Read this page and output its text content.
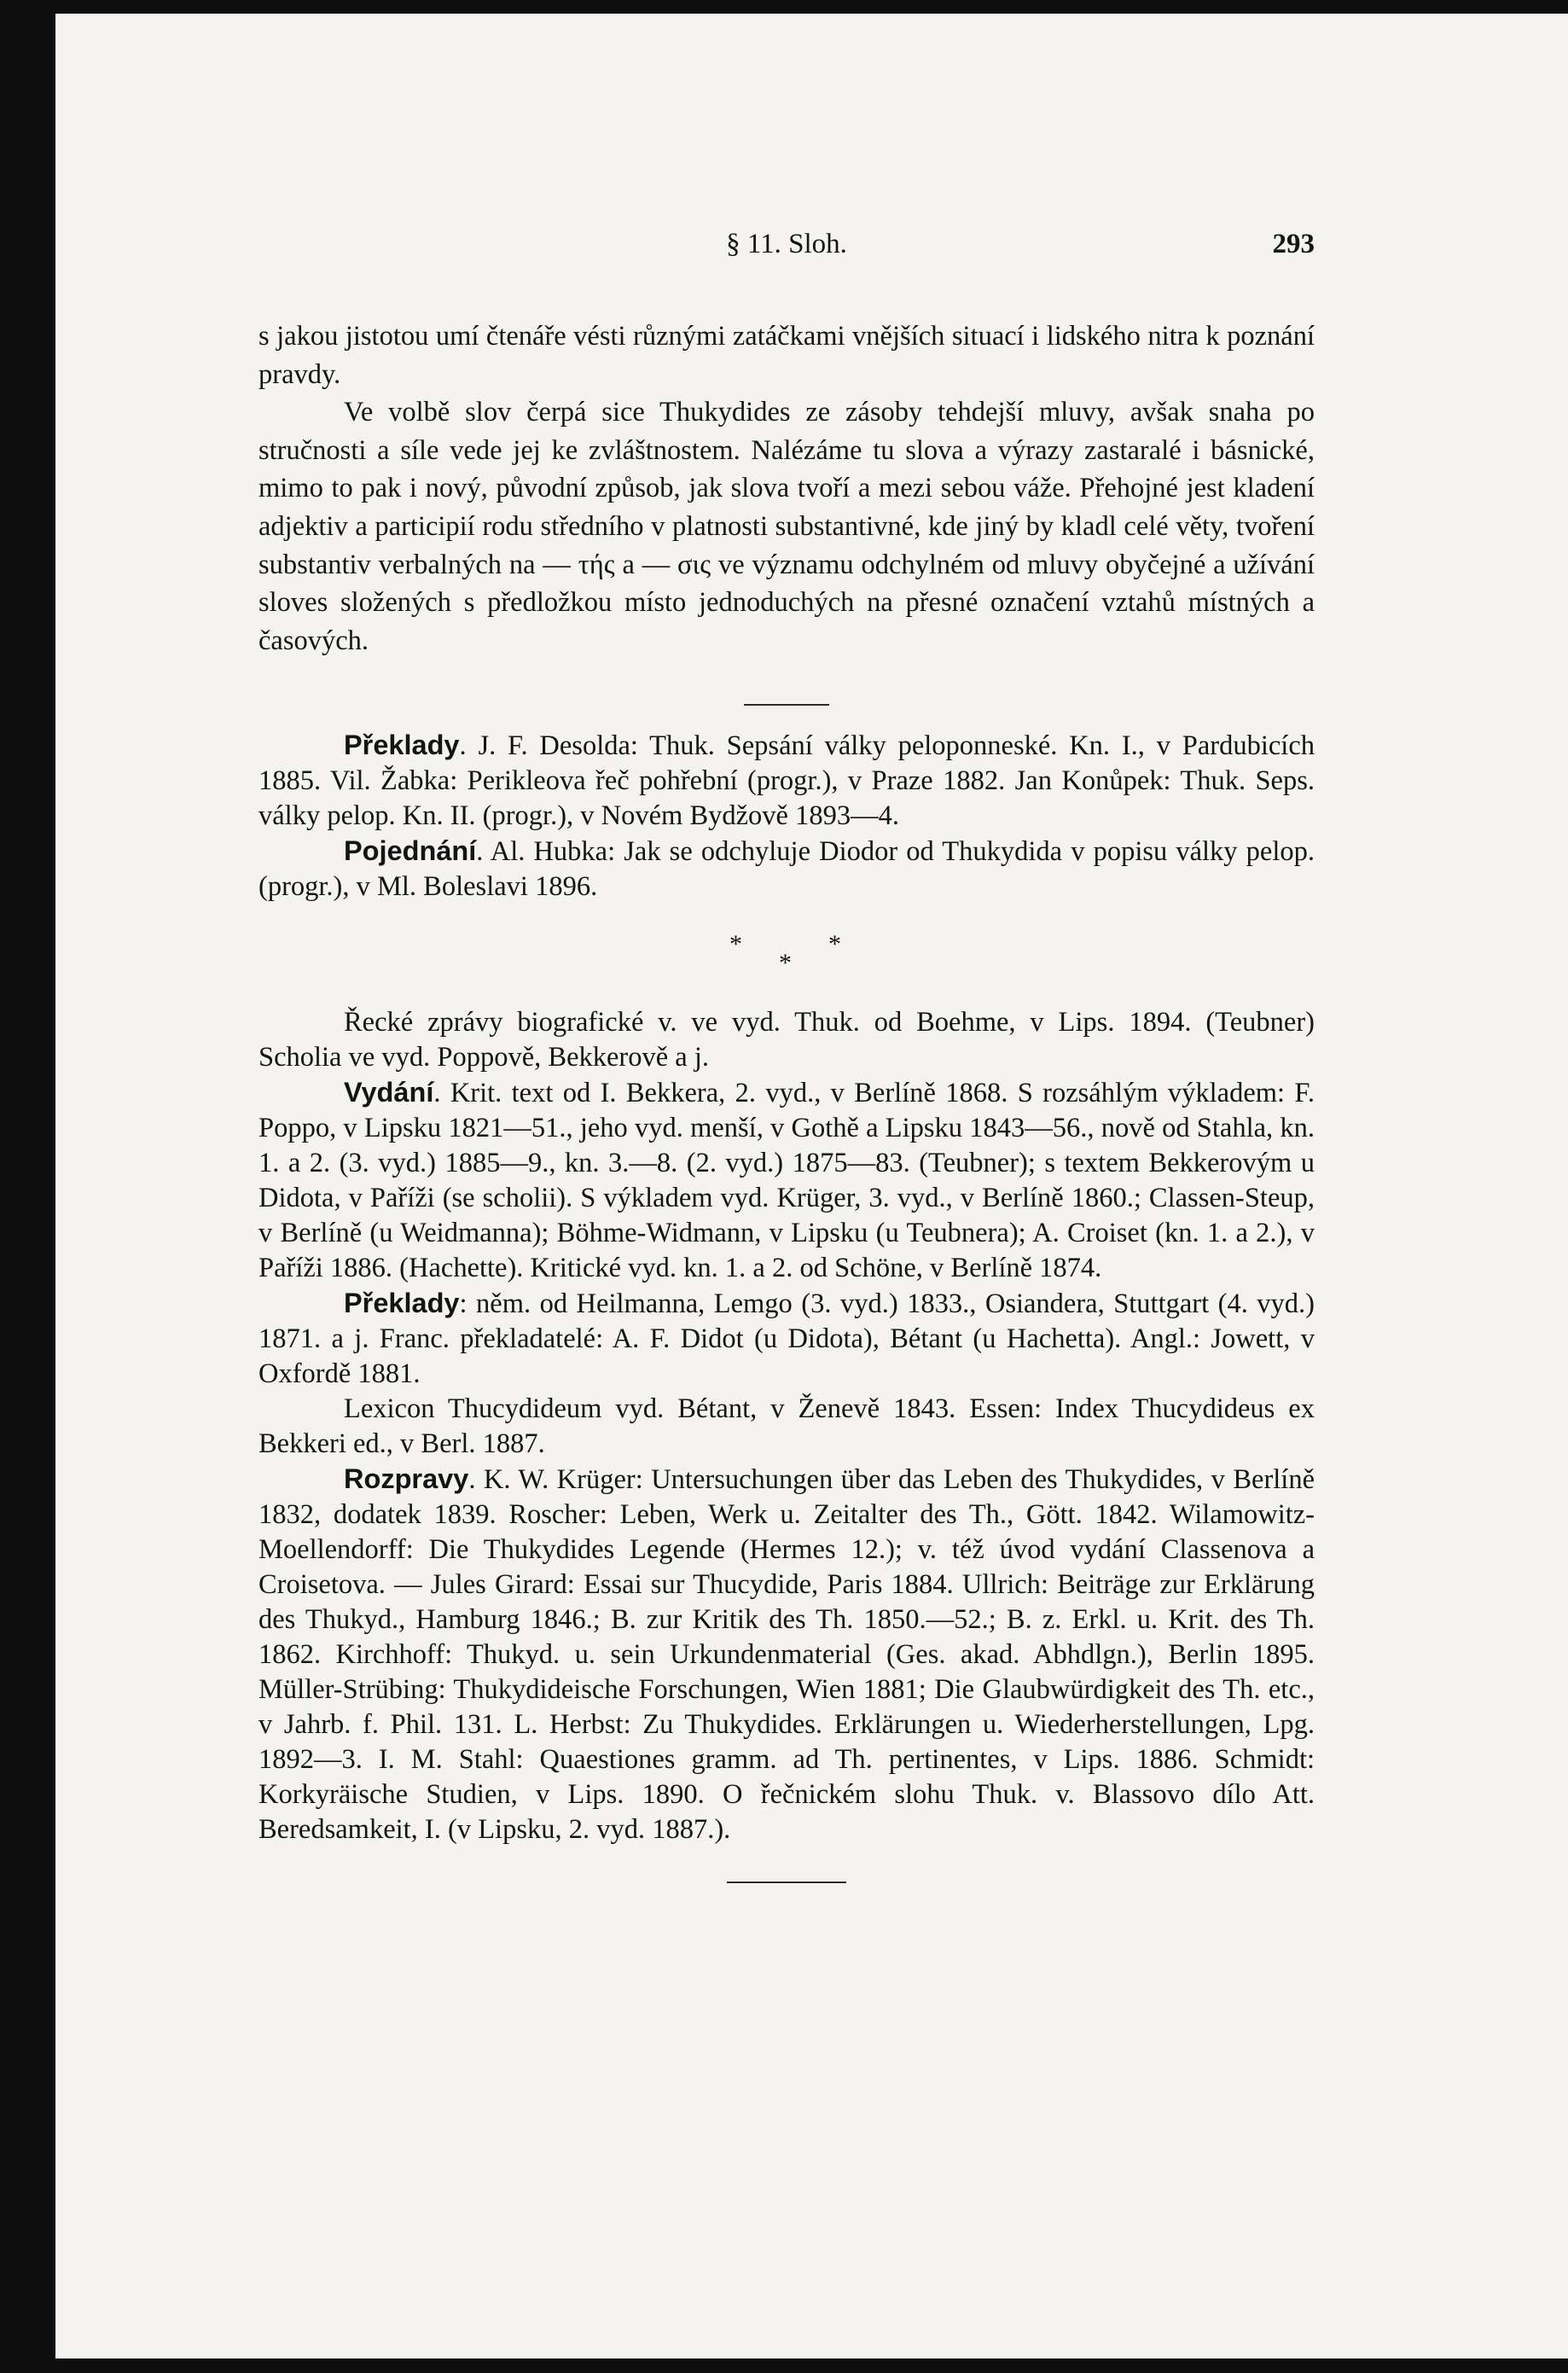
§ 11. Sloh.	293

s jakou jistotou umí čtenáře vésti různými zatáčkami vnějších situací i lidského nitra k poznání pravdy.

Ve volbě slov čerpá sice Thukydides ze zásoby tehdejší mluvy, avšak snaha po stručnosti a síle vede jej ke zvláštnostem. Nalézáme tu slova a výrazy zastaralé i básnické, mimo to pak i nový, původní způsob, jak slova tvoří a mezi sebou váže. Přehojné jest kladení adjektiv a participií rodu středního v platnosti substantivné, kde jiný by kladl celé věty, tvoření substantiv verbalných na — τής a — σις ve významu odchylném od mluvy obyčejné a užívání sloves složených s předložkou místo jednoduchých na přesné označení vztahů místných a časových.

Překlady. J. F. Desolda: Thuk. Sepsání války peloponneské. Kn. I., v Pardubicích 1885. Vil. Žabka: Perikleova řeč pohřební (progr.), v Praze 1882. Jan Konůpek: Thuk. Seps. války pelop. Kn. II. (progr.), v Novém Bydžově 1893—4.

Pojednání. Al. Hubka: Jak se odchyluje Diodor od Thukydida v popisu války pelop. (progr.), v Ml. Boleslavi 1896.

*
*
*

Řecké zprávy biografické v. ve vyd. Thuk. od Boehme, v Lips. 1894. (Teubner) Scholia ve vyd. Poppově, Bekkerově a j.

Vydání. Krit. text od I. Bekkera, 2. vyd., v Berlíně 1868. S rozsáhlým výkladem: F. Poppo, v Lipsku 1821—51., jeho vyd. menší, v Gothě a Lipsku 1843—56., nově od Stahla, kn. 1. a 2. (3. vyd.) 1885—9., kn. 3.—8. (2. vyd.) 1875—83. (Teubner); s textem Bekkerovým u Didota, v Paříži (se scholii). S výkladem vyd. Krüger, 3. vyd., v Berlíně 1860.; Classen-Steup, v Berlíně (u Weidmanna); Böhme-Widmann, v Lipsku (u Teubnera); A. Croiset (kn. 1. a 2.), v Paříži 1886. (Hachette). Kritické vyd. kn. 1. a 2. od Schöne, v Berlíně 1874.

Překlady: něm. od Heilmanna, Lemgo (3. vyd.) 1833., Osiandera, Stuttgart (4. vyd.) 1871. a j. Franc. překladatelé: A. F. Didot (u Didota), Bétant (u Hachetta). Angl.: Jowett, v Oxfordě 1881.

Lexicon Thucydideum vyd. Bétant, v Ženevě 1843. Essen: Index Thucydideus ex Bekkeri ed., v Berl. 1887.

Rozpravy. K. W. Krüger: Untersuchungen über das Leben des Thukydides, v Berlíně 1832, dodatek 1839. Roscher: Leben, Werk u. Zeitalter des Th., Gött. 1842. Wilamowitz-Moellendorff: Die Thukydides Legende (Hermes 12.); v. též úvod vydání Classenova a Croisetova. — Jules Girard: Essai sur Thucydide, Paris 1884. Ullrich: Beiträge zur Erklärung des Thukyd., Hamburg 1846.; B. zur Kritik des Th. 1850.—52.; B. z. Erkl. u. Krit. des Th. 1862. Kirchhoff: Thukyd. u. sein Urkundenmaterial (Ges. akad. Abhdlgn.), Berlin 1895. Müller-Strübing: Thukydideische Forschungen, Wien 1881; Die Glaubwürdigkeit des Th. etc., v Jahrb. f. Phil. 131. L. Herbst: Zu Thukydides. Erklärungen u. Wiederherstellungen, Lpg. 1892—3. I. M. Stahl: Quaestiones gramm. ad Th. pertinentes, v Lips. 1886. Schmidt: Korkyräische Studien, v Lips. 1890. O řečnickém slohu Thuk. v. Blassovo dílo Att. Beredsamkeit, I. (v Lipsku, 2. vyd. 1887.).
